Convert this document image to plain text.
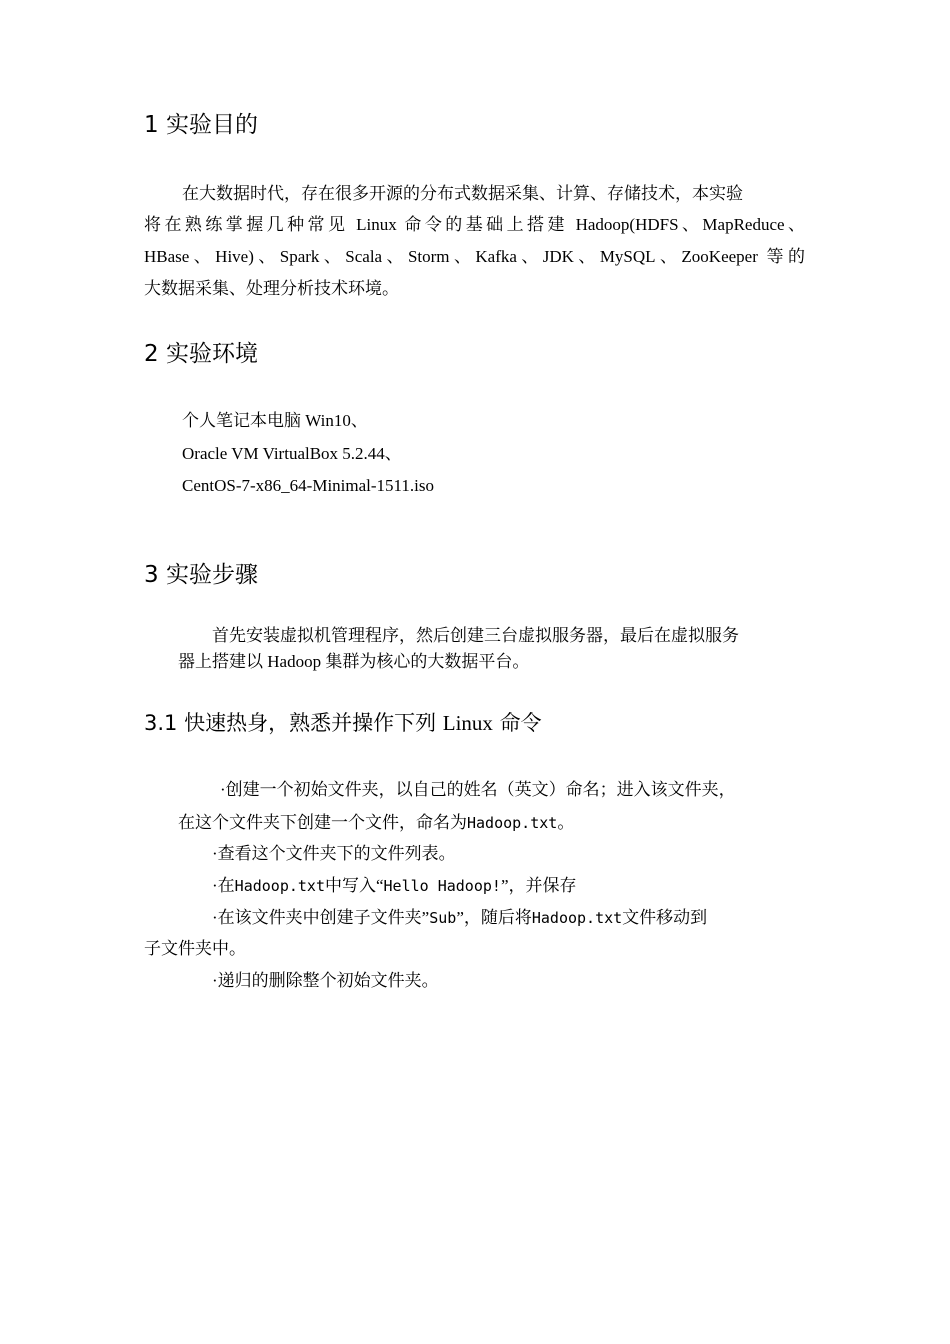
1 实验目的
在大数据时代，存在很多开源的分布式数据采集、计算、存储技术，本实验
将在熟练掌握几种常见 Linux 命令的基础上搭建 Hadoop(HDFS、MapReduce、
HBase、Hive)、Spark、Scala、Storm、Kafka、JDK、MySQL、ZooKeeper 等的
大数据采集、处理分析技术环境。
2 实验环境
个人笔记本电脑 Win10、
Oracle VM VirtualBox 5.2.44、
CentOS-7-x86_64-Minimal-1511.iso
3 实验步骤
首先安装虚拟机管理程序，然后创建三台虚拟服务器，最后在虚拟服务
器上搭建以 Hadoop 集群为核心的大数据平台。
3.1 快速热身，熟悉并操作下列 Linux 命令
·创建一个初始文件夹，以自己的姓名（英文）命名；进入该文件夹，
在这个文件夹下创建一个文件，命名为Hadoop.txt。
·查看这个文件夹下的文件列表。
·在Hadoop.txt中写入“Hello Hadoop!”，并保存
·在该文件夹中创建子文件夹”Sub”，随后将Hadoop.txt文件移动到
子文件夹中。
·递归的删除整个初始文件夹。
